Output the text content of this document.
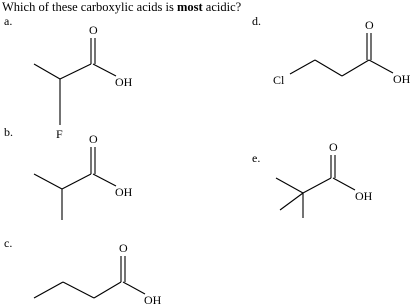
Which of these carboxylic acids is most acidic?
a.
b.
c.
d.
e.
O
OH
F O
OH
O
OH
Cl
O
OH
O
OH
